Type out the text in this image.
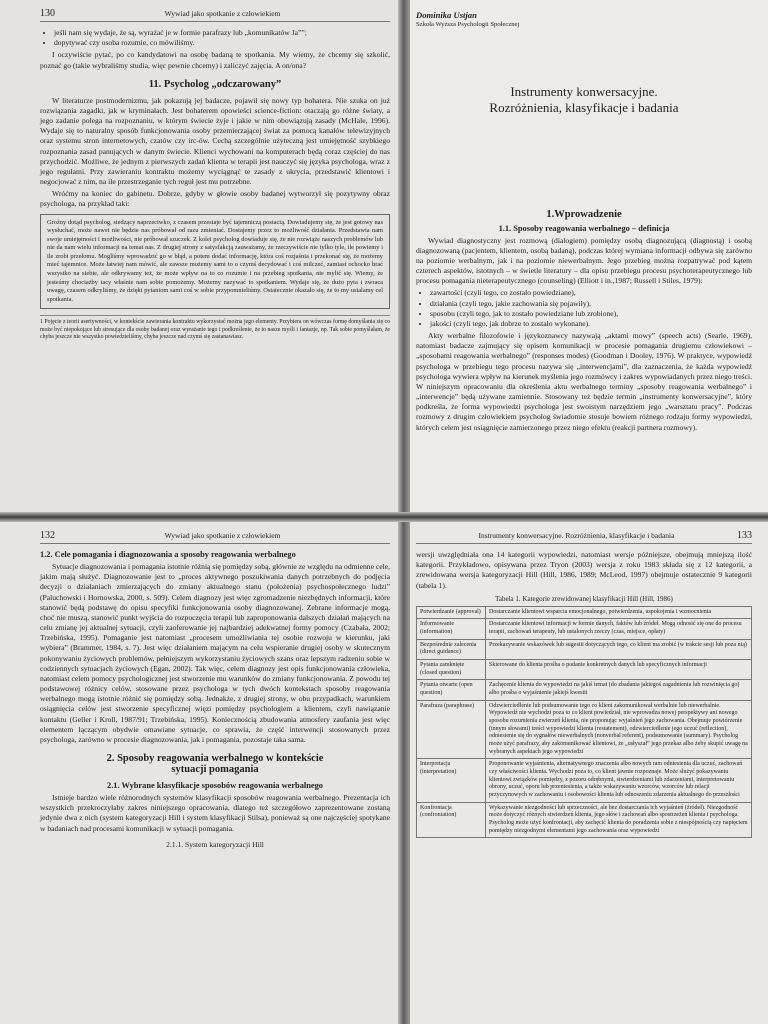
130	Wywiad jako spotkanie z człowiekiem
• jeśli nam się wydaje, że są, wyrażać je w formie parafrazy lub „komunikatów Ja””;
• dopytywać czy osoba rozumie, co mówiliśmy.

I oczywiście pytać, po co kandydatowi na osobę badaną te spotkania. My wiemy, że chcemy się szkolić, poznać go (takie wybraliśmy studia, więc pewnie chcemy) i zaliczyć zajęcia. A on/ona?

11. Psycholog „odczarowany”

W literaturze postmodernizmu, jak pokazują jej badacze, pojawił się nowy typ bohatera. Nie szuka on już rozwiązania zagadki, jak w kryminałach. Jest bohaterem opowieści science-fiction: otaczają go różne światy, a jego zadanie polega na rozpoznaniu, w którym świecie żyje i jakie w nim obowiązują zasady (McHale, 1996). Wydaje się to naturalny sposób funkcjonowania osoby przemierzającej świat za pomocą kanałów telewizyjnych oraz systemu stron internetowych, czatów czy irc-ów. Cechą szczególnie użyteczną jest umiejętność szybkiego rozpoznania zasad panujących w danym świecie. Klienci wychowani na komputerach będą coraz częściej do nas przychodzić. Możliwe, że jednym z pierwszych zadań klienta w terapii jest nauczyć się języka psychologa, wraz z jego regułami. Przy zawieraniu kontraktu możemy wyciągnąć te zasady z ukrycia, przedstawić klientowi i negocjować z nim, na ile przestrzeganie tych reguł jest mu potrzebne.

Wróćmy na koniec do gabinetu. Dobrze, gdyby w głowie osoby badanej wytworzył się pozytywny obraz psychologa, na przykład taki:

Groźny dotąd psycholog, siedzący naprzeciwko, z czasem przestaje być tajemniczą postacią. Dowiadujemy się, że jest gotowy nas wysłuchać, może nawet nie będzie nas próbował od razu zmieniać. Dostajemy przez to możliwość działania. Przedstawia nam swoje umiejętności i możliwości, nie próbował szuczek. Z kolei psycholog dowiaduje się, że nie rozwiąże naszych problemów lub nie da nam wielu informacji na temat nas. Z drugiej strony z satysfakcją zauważamy, że rzeczywiście nie tylko tyle, ile powiemy i ile zrobi przełomu. Mogliśmy wprowadzić go w błąd, a potem dodać informację, która coś rozjaśnia i przekonać się, że możemy mieć tajemnice. Może łatwiej nam mówić, ale zawsze możemy sami to o czymś decydować i coś milczeć, zamiast ochocko brać wszystko na siebie, ale odkrywamy też, że może wpływ na to co rozumie i na przebieg spotkania, nie mylić się. Wiemy, że jesteśmy chociażby tacy właśnie nam sobie pomożemy. Możemy nazywać to spotkaniem. Wydaje się, że dużo pyta i zwraca uwagę, czasem odkryliśmy, że dzięki pytaniom sami coś w sobie przypomnieliśmy. Ostatecznie okazało się, że to my ustalamy cel spotkania.
1 Pojęcie z teorii asertywności, w kontekście zawierania kontraktu wykorzystać można jego elementy. Przybiera on wówczas formę domyślania się co może być niepokojące lub stresujące dla osoby badanej oraz wyrażanie tego i podkreślenie, że to nasze myśli i fantazje, np. Tak sobie pomyślałam, że chyba jeszcze nie wszystko powiedzieliśmy, chyba jeszcze nad czymś się zastanawiasz.
Dominika Ustjan
Szkoła Wyższa Psychologii Społecznej
Instrumenty konwersacyjne.
Rozróżnienia, klasyfikacje i badania
1.Wprowadzenie
1.1. Sposoby reagowania werbalnego – definicja

Wywiad diagnostyczny jest rozmową (dialogiem) pomiędzy osobą diagnozującą (diagnostą) i osobą diagnozowaną (pacjentem, klientem, osobą badaną), podczas której wymiana informacji odbywa się zarówno na poziomie werbalnym, jak i na poziomie niewerbalnym. Jego przebieg można rozpatrywać pod kątem czterech aspektów, istotnych – w świetle literatury – dla opisu przebiegu procesu psychoterapeutycznego lub procesu pomagania nieterapeutycznego (counseling) (Elliott i in.,1987; Russell i Stiles, 1979):

• zawartości (czyli tego, co zostało powiedziane),
• działania (czyli tego, jakie zachowania się pojawiły),
• sposobu (czyli tego, jak to zostało powiedziane lub zrobione),
• jakości (czyli tego, jak dobrze to zostało wykonane).

Akty werbalne filozofowie i językoznawcy nazywają „aktami mowy” (speech acts) (Searle, 1969), natomiast badacze zajmujący się opisem komunikacji w procesie pomagania drugiemu człowiekowi – „sposobami reagowania werbalnego” (responses modes) (Goodman i Dooley, 1976). W praktyce, wypowiedź psychologa w przebiegu tego procesu nazywa się „interwencjami”, dla zaznaczenia, że każda wypowiedź psychologa wywiera wpływ na kierunek myślenia jego rozmówcy i zakres wypowiadanych przez niego treści. W niniejszym opracowaniu dla określenia aktu werbalnego terminy „sposoby reagowania werbalnego” i „interwencje” będą używane zamiennie. Stosowany też będzie termin „instrumenty konwersacyjne”, który podkreśla, że forma wypowiedzi psychologa jest swoistym narzędziem jego „warsztatu pracy”. Podczas rozmowy z drugim człowiekiem psycholog świadomie stosuje bowiem różnego rodzaju formy wypowiedzi, których celem jest osiągnięcie zamierzonego przez niego efektu (reakcji partnera rozmowy).

132	Wywiad jako spotkanie z człowiekiem
1.2. Cele pomagania i diagnozowania a sposoby reagowania werbalnego

Sytuacje diagnozowania i pomagania istotnie różnią się pomiędzy sobą, głównie ze względu na odmienne cele, jakim mają służyć. Diagnozowanie jest to „proces aktywnego poszukiwania danych potrzebnych do podjęcia decyzji o działaniach zmierzających do zmiany aktualnego stanu (położenia) psychospołecznego ludzi” (Paluchowski i Hornowska, 2000, s. 509). Celem diagnozy jest więc zgromadzenie niezbędnych informacji, które stanowić będą podstawę do opisu specyfiki funkcjonowania osoby diagnozowanej. Zebrane informacje mogą, choć nie muszą, stanowić punkt wyjścia do rozpoczęcia terapii lub zaproponowania dalszych działań mających na celu zmianę jej aktualnej sytuacji, czyli zaoferowanie jej najbardziej adekwatnej formy pomocy (Czabała, 2002; Trzebińska, 1995). Pomaganie jest natomiast „procesem umożliwiania tej osobie rozwoju w kierunku, jaki wybiera” (Brammer, 1984, s. 7). Jest więc działaniem mającym na celu wspieranie drugiej osoby w skutecznym pokonywaniu życiowych problemów, pełniejszym wykorzystaniu życiowych szans oraz lepszym radzeniu sobie w codziennych sytuacjach życiowych (Egan, 2002). Tak więc, celem diagnozy jest opis funkcjonowania człowieka, natomiast celem pomocy psychologicznej jest stworzenie mu warunków do zmiany funkcjonowania. Z powodu tej podstawowej różnicy celów, stosowane przez psychologa w tych dwóch kontekstach sposoby reagowania werbalnego mogą istotnie różnić się pomiędzy sobą. Jednakże, z drugiej strony, w obu przypadkach, warunkiem osiągnięcia celów jest stworzenie specyficznej więzi pomiędzy psychologiem a klientem, czyli nawiązanie kontaktu (Geller i Kroll, 1987/91; Trzebińska, 1995). Koniecznością zbudowania atmosfery zaufania jest więc elementem łączącym obydwie omawiane sytuacje, co sprawia, że część interwencji stosowanych przez psychologa, zarówno w procesie diagnozowania, jak i pomagania, pozostaje taka sama.

2. Sposoby reagowania werbalnego w kontekście
sytuacji pomagania
2.1. Wybrane klasyfikacje sposobów reagowania werbalnego

Istnieje bardzo wiele różnorodnych systemów klasyfikacji sposobów reagowania werbalnego. Prezentacja ich wszystkich przekroczyłaby zakres niniejszego opracowania, dlatego też szczegółowo zaprezentowane zostaną jedynie dwa z nich (system kategoryzacji Hill i system klasyfikacji Stilsa), ponieważ są one najczęściej spotykane w badaniach nad procesami komunikacji w sytuacji pomagania.

2.1.1. System kategoryzacji Hill
Instrumenty konwersacyjne. Rozróżnienia, klasyfikacje i badania	133

wersji uwzględniała ona 14 kategorii wypowiedzi, natomiast wersje późniejsze, obejmują mniejszą ilość kategorii. Przykładowo, opisywana przez Tryon (2003) wersja z roku 1983 składa się z 12 kategorii, a zrewidowana wersja kategoryzacji Hill (Hill, 1986, 1989; McLeod, 1997) obejmuje ostatecznie 9 kategorii (tabela 1).

Tabela 1. Kategorie zrewidowanej klasyfikacji Hill (Hill, 1986)
Potwierdzanie (approval)	Dostarczanie klientowi wsparcia emocjonalnego, potwierdzenia, uspokojenia i wzmocnienia
Informowanie (information)	Dostarczanie klientowi informacji w formie danych, faktów lub źródeł. Mogą odnosić się one do procesu terapii, zachowań terapeuty, lub ustalonych rzeczy (czas, miejsce, opłaty)
Bezpośrednie zalecenia (direct guidance)	Przekazywanie wskazówek lub sugestii dotyczących tego, co klient ma zrobić (w trakcie sesji lub poza nią)
Pytania zamknięte (closed question)	Skierowane do klienta prośba o podanie konkretnych danych lub specyficznych informacji
Pytania otwarte (open question)	Zachęcenie klienta do wypowiedzi na jakiś temat (do zbadania jakiegoś zagadnienia lub rozwinięcia go) albo prośba o wyjaśnienie jakiejś kwestii
Parafraza (paraphrase)	Odzwierciedlenie lub podsumowanie tego co klient zakomunikował werbalnie lub niewerbalnie. Wypowiedź nie wychodzi poza to co klient powiedział, nie wprowadza nowej perspektywy ani nowego sposobu rozumienia zwierzeń klienta, nie proponując wyjaśnień jego zachowania. Obejmuje powtórzenie (innym słowami) treści wypowiedzi klienta (restatement), odzwierciedlenie jego uczuć (reflection), odniesienie się do sygnałów niewerbalnych (nonverbal referent), podsumowanie (summary). Psycholog może użyć parafrazy, aby zakomunikować klientowi, że „usłyszał” jego przekaz albo żeby skupić uwagę na wybranych aspektach jego wypowiedzi
Interpretacja (interpretation)	Proponowanie wyjaśnienia, alternatywnego znaczenia albo nowych ram odniesienia dla uczuć, zachowań czy właściwości klienta. Wychodzi poza to, co klient jawnie rozpoznaje. Może służyć pokazywaniu klientowi związków pomiędzy, z pozoru odrębnymi, stwierdzeniami lub zdarzeniami, interpretowaniu obrony, uczuć, oporu lub przeniesienia, a także wskazywaniu wzorców, wzorców lub relacji przyczynowych w zachowaniu i osobowości klienta lub odnoszeniu zdarzenia aktualnego do przeszłości
Konfrontacja (confrontation)	Wykazywanie niezgodności lub sprzeczności, ale bez dostarczania ich wyjaśnień (źródeł). Niezgodność może dotyczyć różnych stwierdzeń klienta, jego słów i zachowań albo spostrzeżeń klienta i psychologa. Psycholog może użyć konfrontacji, aby zachęcić klienta do poradzenia sobie z niespójnością czy napięciem pomiędzy niezgodnymi elementami jego zachowania oraz wypowiedzi
